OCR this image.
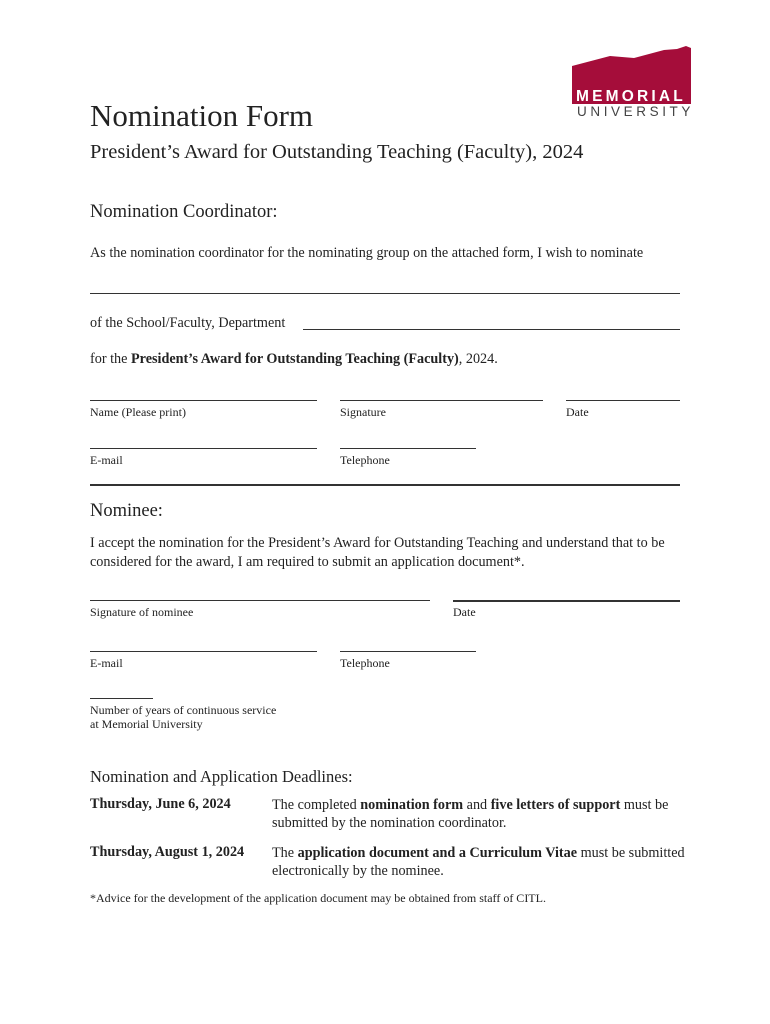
MEMORIAL
UNIVERSITY
Nomination Form
President’s Award for Outstanding Teaching (Faculty), 2024
Nomination Coordinator:
As the nomination coordinator for the nominating group on the attached form, I wish to nominate
of the School/Faculty, Department
for the President’s Award for Outstanding Teaching (Faculty), 2024.
Name (Please print)	Signature	Date
E-mail	Telephone
Nominee:
I accept the nomination for the President’s Award for Outstanding Teaching and understand that to be considered for the award, I am required to submit an application document*.
Signature of nominee	Date
E-mail	Telephone
Number of years of continuous service
at Memorial University
Nomination and Application Deadlines:
Thursday, June 6, 2024	The completed nomination form and five letters of support must be submitted by the nomination coordinator.
Thursday, August 1, 2024 The application document and a Curriculum Vitae must be submitted electronically by the nominee.
*Advice for the development of the application document may be obtained from staff of CITL.
